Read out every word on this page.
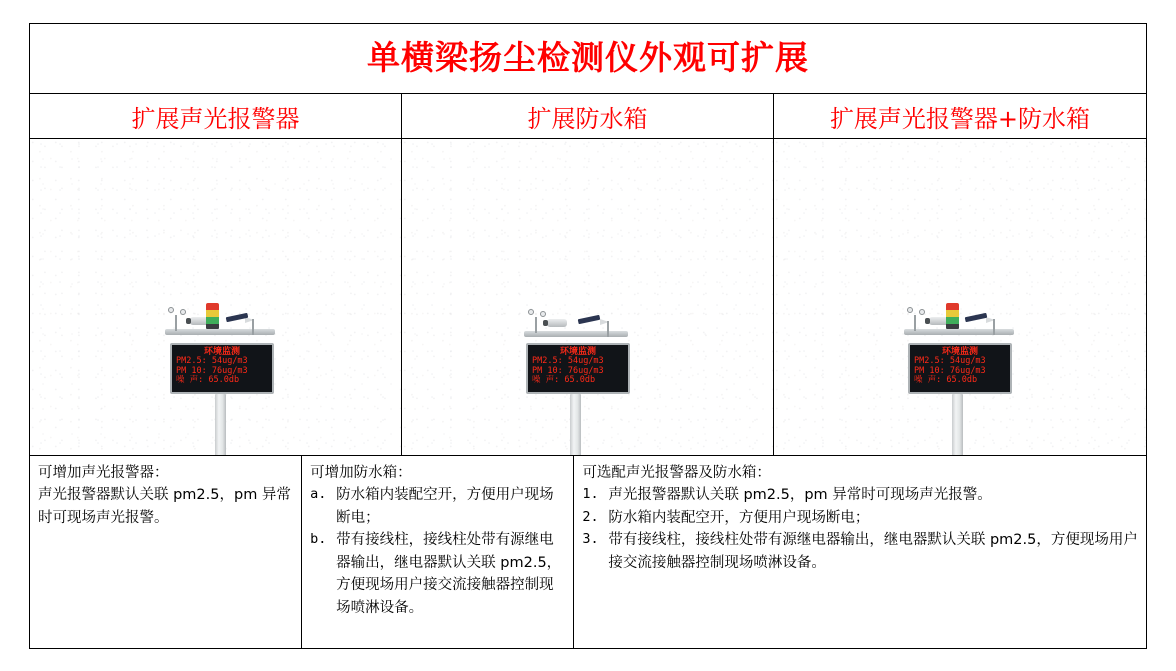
单横梁扬尘检测仪外观可扩展
扩展声光报警器	扩展防水箱	扩展声光报警器+防水箱
环境监测
PM2.5: 54ug/m3
PM 10: 76ug/m3
噪 声: 65.0db
环境监测
PM2.5: 54ug/m3
PM 10: 76ug/m3
噪 声: 65.0db
环境监测
PM2.5: 54ug/m3
PM 10: 76ug/m3
噪 声: 65.0db

可增加声光报警器：

声光报警器默认关联 pm2.5，pm 异常时可现场声光报警。

可增加防水箱：

a. 防水箱内装配空开，方便用户现场断电；
b. 带有接线柱，接线柱处带有源继电器输出，继电器默认关联 pm2.5，方便现场用户接交流接触器控制现场喷淋设备。

可选配声光报警器及防水箱：

1. 声光报警器默认关联 pm2.5，pm 异常时可现场声光报警。
2. 防水箱内装配空开，方便用户现场断电；
3. 带有接线柱，接线柱处带有源继电器输出，继电器默认关联 pm2.5，方便现场用户接交流接触器控制现场喷淋设备。
